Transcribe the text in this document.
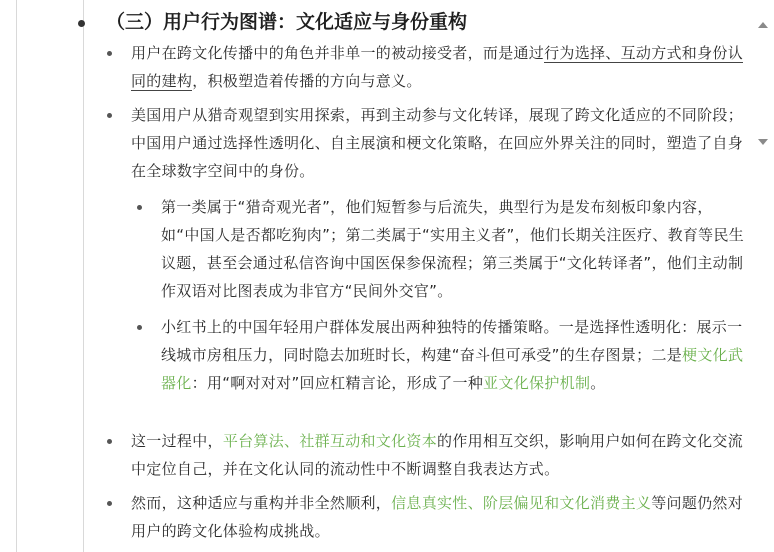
（三）用户行为图谱：文化适应与身份重构

用户在跨文化传播中的角色并非单一的被动接受者，而是通过行为选择、互动方式和身份认同的建构，积极塑造着传播的方向与意义。

美国用户从猎奇观望到实用探索，再到主动参与文化转译，展现了跨文化适应的不同阶段；中国用户通过选择性透明化、自主展演和梗文化策略，在回应外界关注的同时，塑造了自身在全球数字空间中的身份。

第一类属于“猎奇观光者”，他们短暂参与后流失，典型行为是发布刻板印象内容，如“中国人是否都吃狗肉”；第二类属于“实用主义者”，他们长期关注医疗、教育等民生议题，甚至会通过私信咨询中国医保参保流程；第三类属于“文化转译者”，他们主动制作双语对比图表成为非官方“民间外交官”。

小红书上的中国年轻用户群体发展出两种独特的传播策略。一是选择性透明化：展示一线城市房租压力，同时隐去加班时长，构建“奋斗但可承受”的生存图景；二是梗文化武器化：用“啊对对对”回应杠精言论，形成了一种亚文化保护机制。

这一过程中，平台算法、社群互动和文化资本的作用相互交织，影响用户如何在跨文化交流中定位自己，并在文化认同的流动性中不断调整自我表达方式。

然而，这种适应与重构并非全然顺利，信息真实性、阶层偏见和文化消费主义等问题仍然对用户的跨文化体验构成挑战。
